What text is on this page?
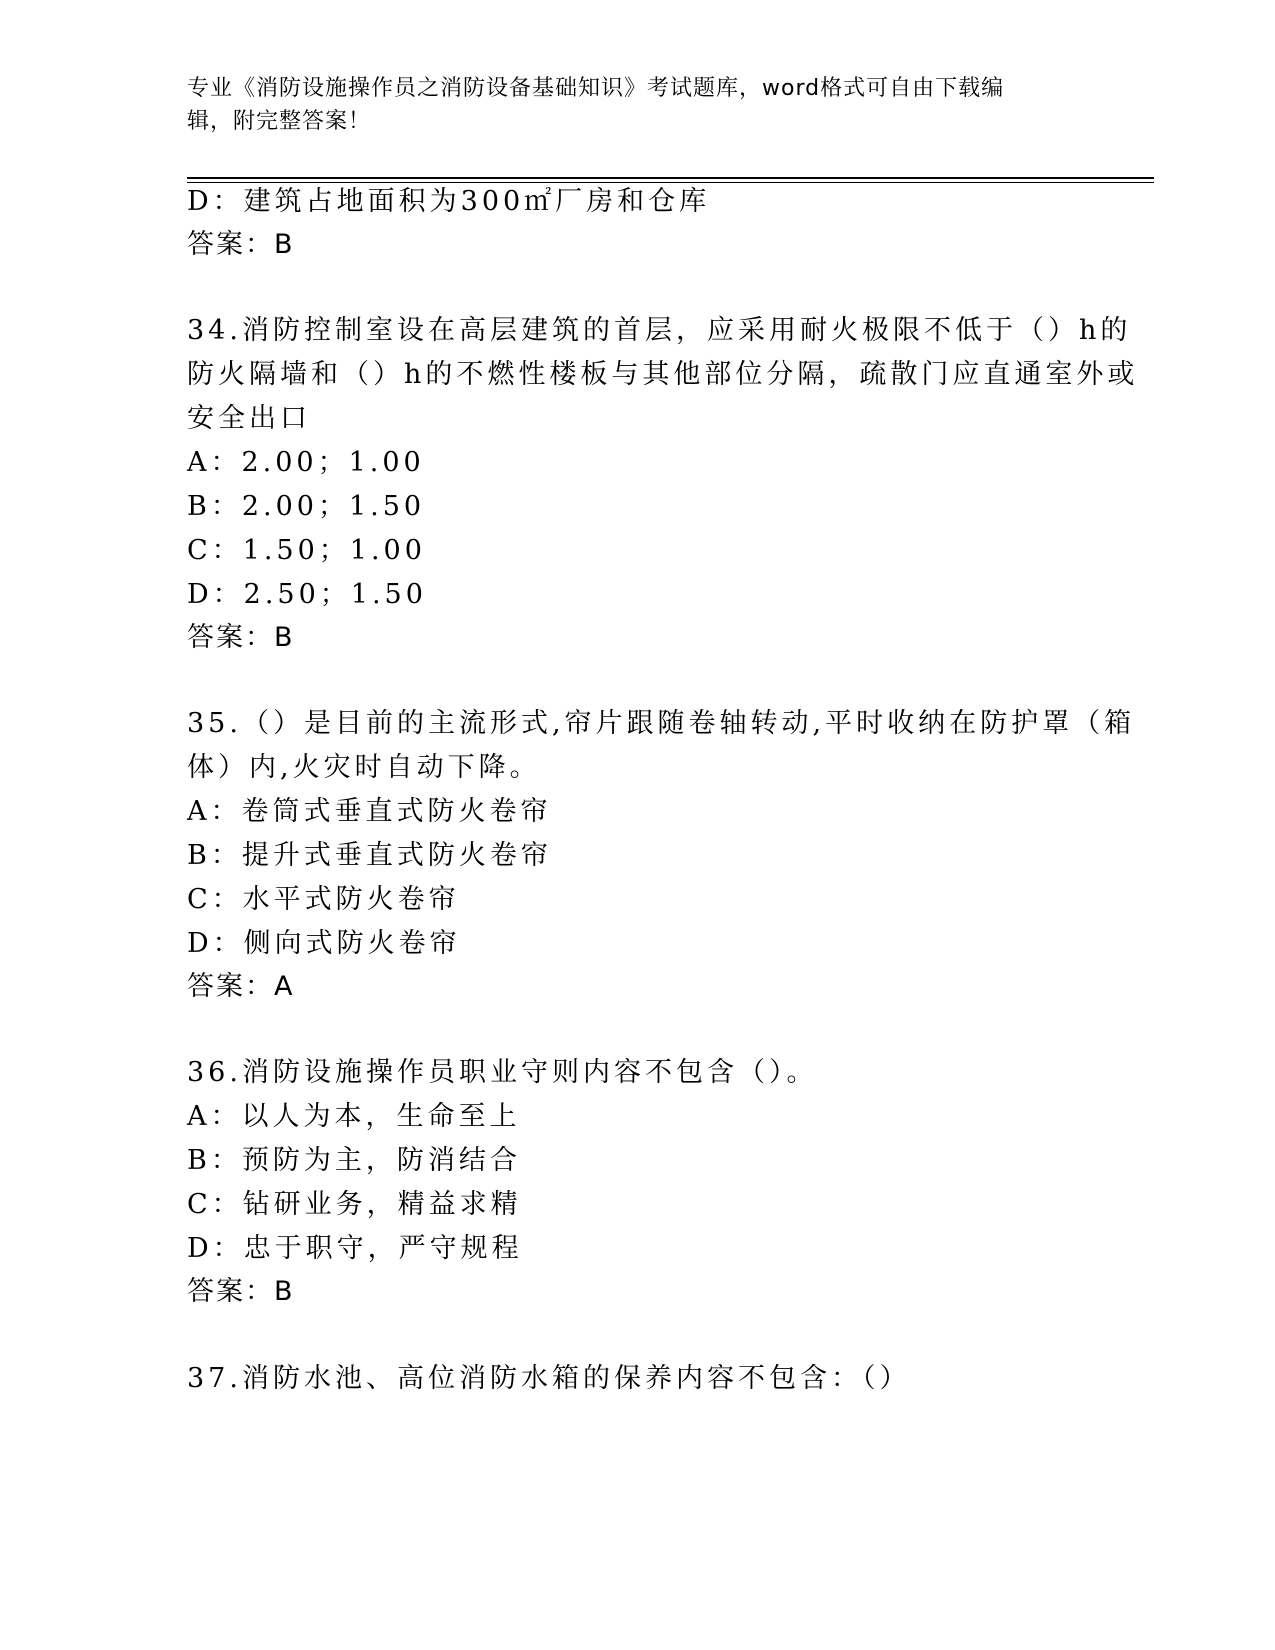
专业《消防设施操作员之消防设备基础知识》考试题库，word格式可自由下载编
辑，附完整答案！
D：建筑占地面积为300㎡厂房和仓库
答案：B
34.消防控制室设在高层建筑的首层，应采用耐火极限不低于（）h的
防火隔墙和（）h的不燃性楼板与其他部位分隔，疏散门应直通室外或
安全出口
A：2.00；1.00
B：2.00；1.50
C：1.50；1.00
D：2.50；1.50
答案：B
35.（）是目前的主流形式,帘片跟随卷轴转动,平时收纳在防护罩（箱
体）内,火灾时自动下降。
A：卷筒式垂直式防火卷帘
B：提升式垂直式防火卷帘
C：水平式防火卷帘
D：侧向式防火卷帘
答案：A
36.消防设施操作员职业守则内容不包含（）。
A：以人为本，生命至上
B：预防为主，防消结合
C：钻研业务，精益求精
D：忠于职守，严守规程
答案：B
37.消防水池、高位消防水箱的保养内容不包含：（）
